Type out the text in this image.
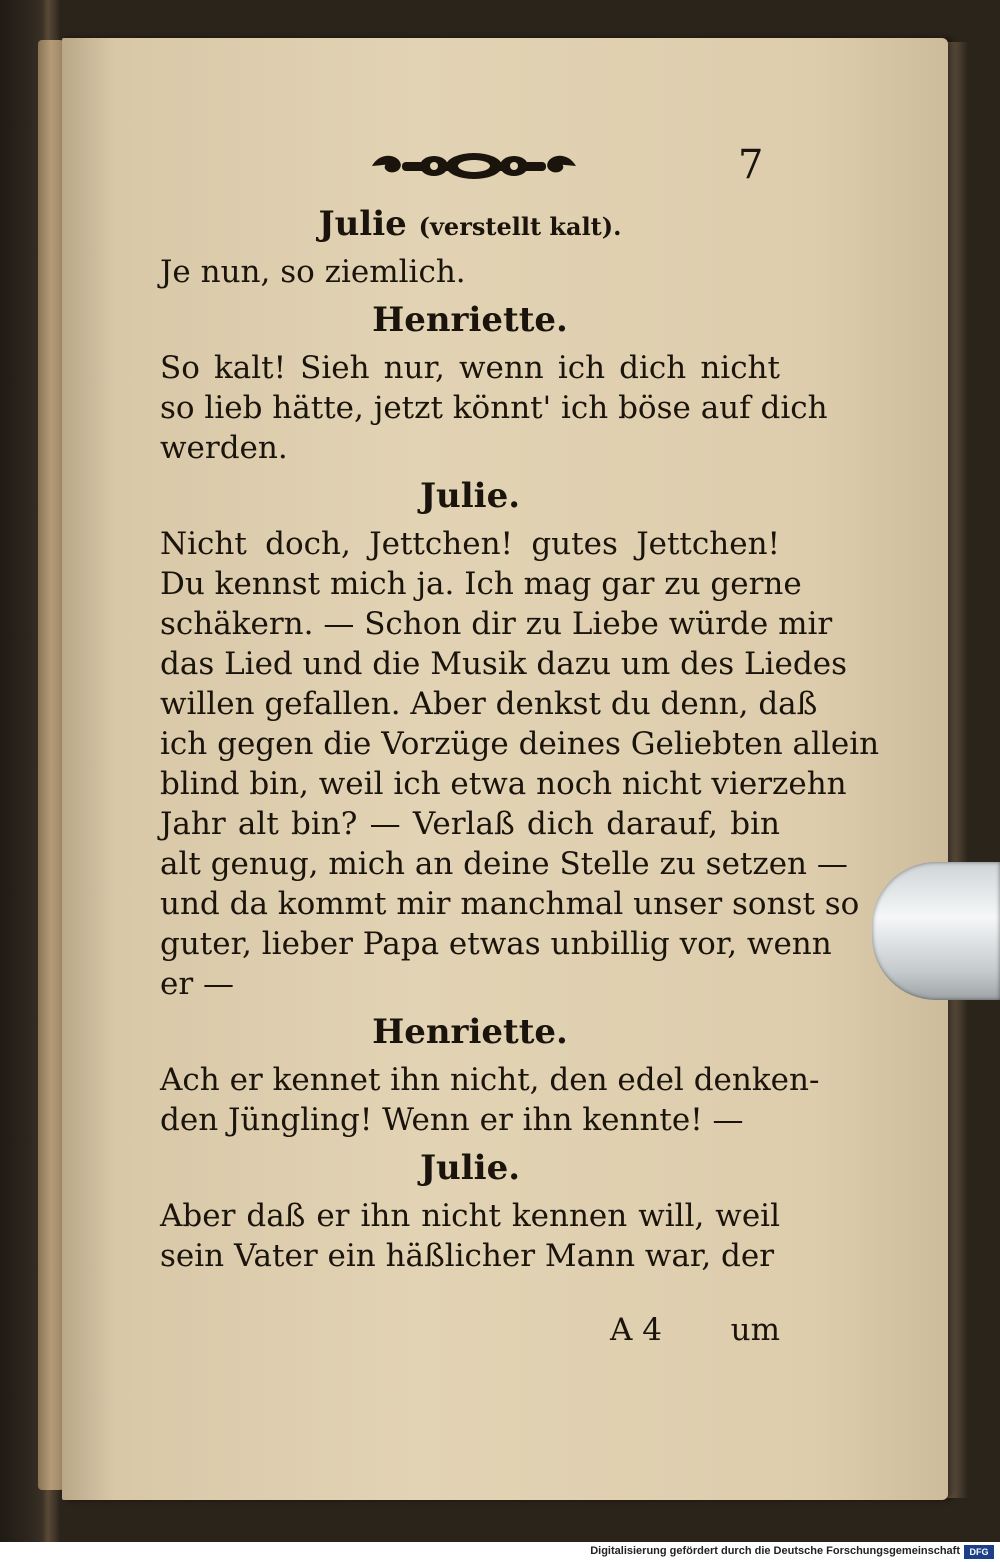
7
Julie (verstellt kalt).
Je nun, so ziemlich.
Henriette.
So kalt! Sieh nur, wenn ich dich nicht
so lieb hätte, jetzt könnt' ich böse auf dich
werden.
Julie.
Nicht doch, Jettchen! gutes Jettchen!
Du kennst mich ja. Ich mag gar zu gerne
schäkern. — Schon dir zu Liebe würde mir
das Lied und die Musik dazu um des Liedes
willen gefallen. Aber denkst du denn, daß
ich gegen die Vorzüge deines Geliebten allein
blind bin, weil ich etwa noch nicht vierzehn
Jahr alt bin? — Verlaß dich darauf, bin
alt genug, mich an deine Stelle zu setzen —
und da kommt mir manchmal unser sonst so
guter, lieber Papa etwas unbillig vor, wenn
er —
Henriette.
Ach er kennet ihn nicht, den edel denken-
den Jüngling! Wenn er ihn kennte! —
Julie.
Aber daß er ihn nicht kennen will, weil
sein Vater ein häßlicher Mann war, der
A 4 um
Digitalisierung gefördert durch die Deutsche Forschungsgemeinschaft	DFG
